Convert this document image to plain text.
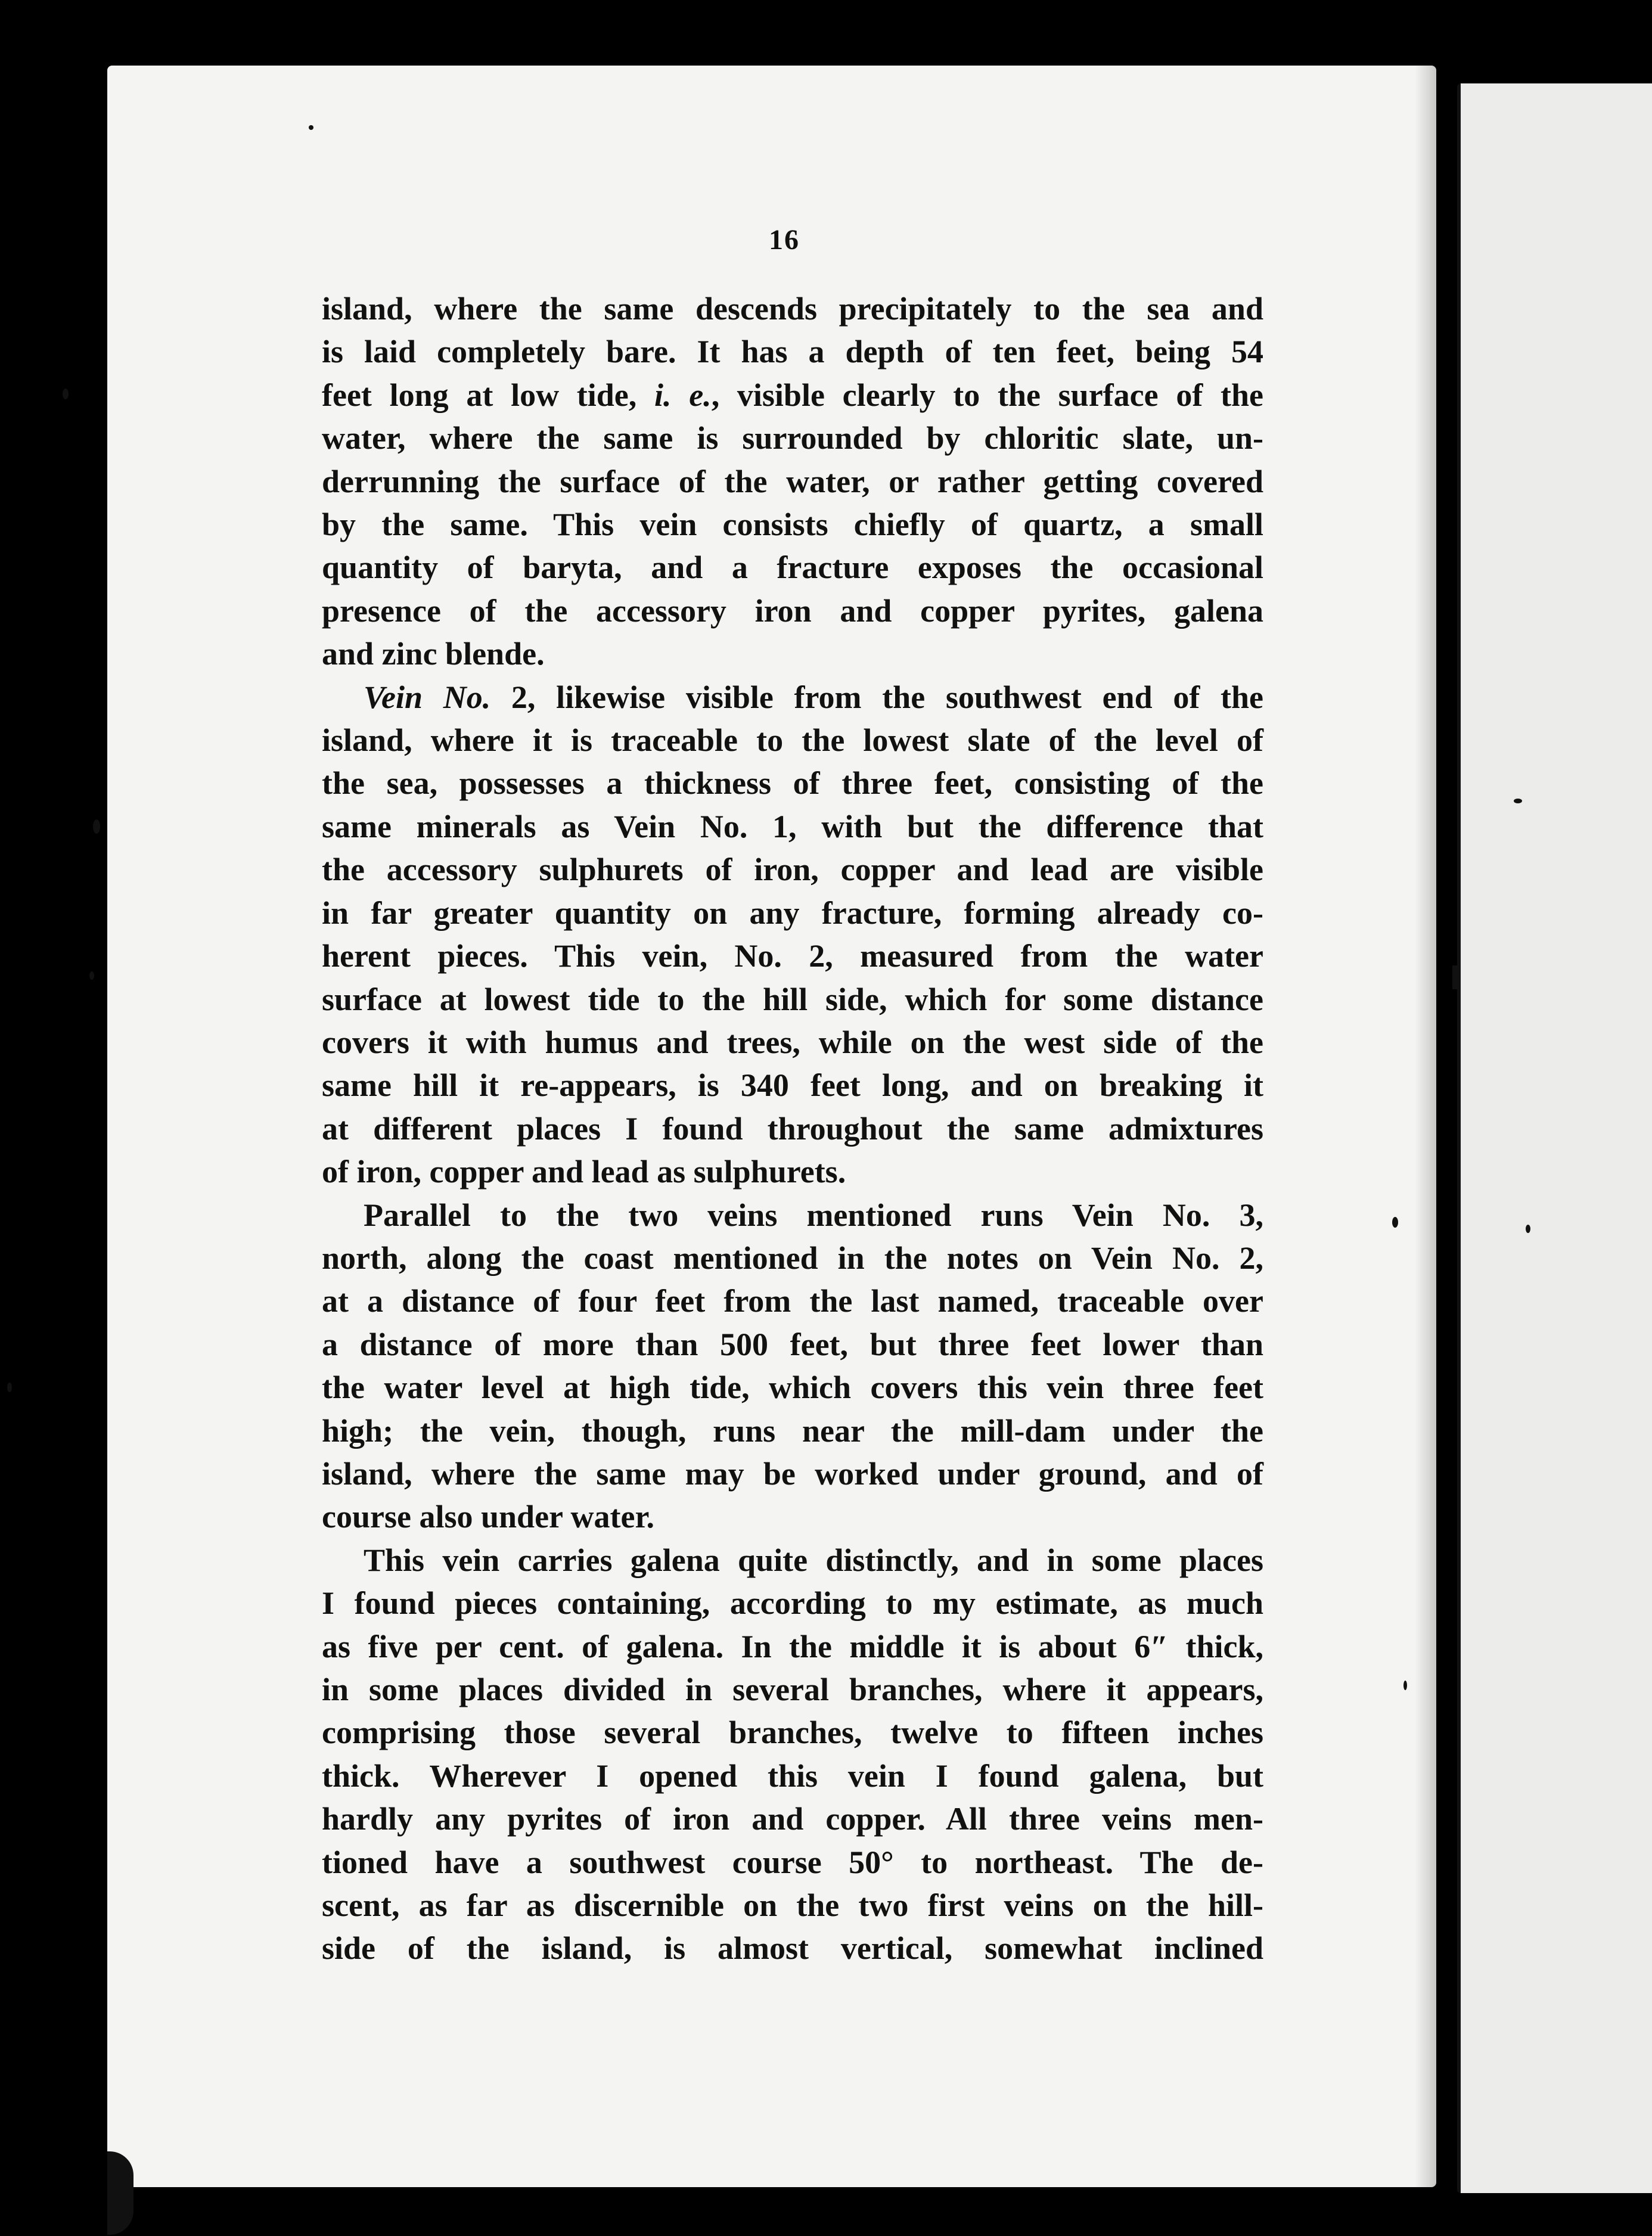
16
island, where the same descends precipitately to the sea and
is laid completely bare. It has a depth of ten feet, being 54
feet long at low tide, i. e., visible clearly to the surface of the
water, where the same is surrounded by chloritic slate, un-
derrunning the surface of the water, or rather getting covered
by the same. This vein consists chiefly of quartz, a small
quantity of baryta, and a fracture exposes the occasional
presence of the accessory iron and copper pyrites, galena
and zinc blende.
Vein No. 2, likewise visible from the southwest end of the
island, where it is traceable to the lowest slate of the level of
the sea, possesses a thickness of three feet, consisting of the
same minerals as Vein No. 1, with but the difference that
the accessory sulphurets of iron, copper and lead are visible
in far greater quantity on any fracture, forming already co-
herent pieces. This vein, No. 2, measured from the water
surface at lowest tide to the hill side, which for some distance
covers it with humus and trees, while on the west side of the
same hill it re-appears, is 340 feet long, and on breaking it
at different places I found throughout the same admixtures
of iron, copper and lead as sulphurets.
Parallel to the two veins mentioned runs Vein No. 3,
north, along the coast mentioned in the notes on Vein No. 2,
at a distance of four feet from the last named, traceable over
a distance of more than 500 feet, but three feet lower than
the water level at high tide, which covers this vein three feet
high; the vein, though, runs near the mill-dam under the
island, where the same may be worked under ground, and of
course also under water.
This vein carries galena quite distinctly, and in some places
I found pieces containing, according to my estimate, as much
as five per cent. of galena. In the middle it is about 6″ thick,
in some places divided in several branches, where it appears,
comprising those several branches, twelve to fifteen inches
thick. Wherever I opened this vein I found galena, but
hardly any pyrites of iron and copper. All three veins men-
tioned have a southwest course 50° to northeast. The de-
scent, as far as discernible on the two first veins on the hill-
side of the island, is almost vertical, somewhat inclined
